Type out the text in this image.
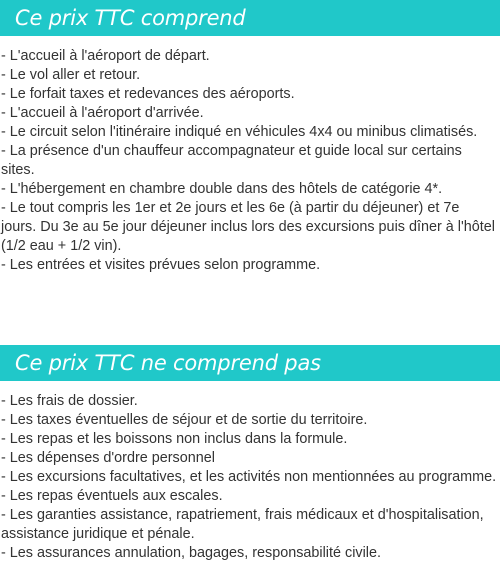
Ce prix TTC comprend
- L'accueil à l'aéroport de départ.
- Le vol aller et retour.
- Le forfait taxes et redevances des aéroports.
- L'accueil à l'aéroport d'arrivée.
- Le circuit selon l'itinéraire indiqué en véhicules 4x4 ou minibus climatisés.
- La présence d'un chauffeur accompagnateur et guide local sur certains sites.
- L'hébergement en chambre double dans des hôtels de catégorie 4*.
- Le tout compris les 1er et 2e jours et les 6e (à partir du déjeuner) et 7e jours. Du 3e au 5e jour déjeuner inclus lors des excursions puis dîner à l'hôtel (1/2 eau + 1/2 vin).
- Les entrées et visites prévues selon programme.
Ce prix TTC ne comprend pas
- Les frais de dossier.
- Les taxes éventuelles de séjour et de sortie du territoire.
- Les repas et les boissons non inclus dans la formule.
- Les dépenses d'ordre personnel
- Les excursions facultatives, et les activités non mentionnées au programme.
- Les repas éventuels aux escales.
- Les garanties assistance, rapatriement, frais médicaux et d'hospitalisation, assistance juridique et pénale.
- Les assurances annulation, bagages, responsabilité civile.
